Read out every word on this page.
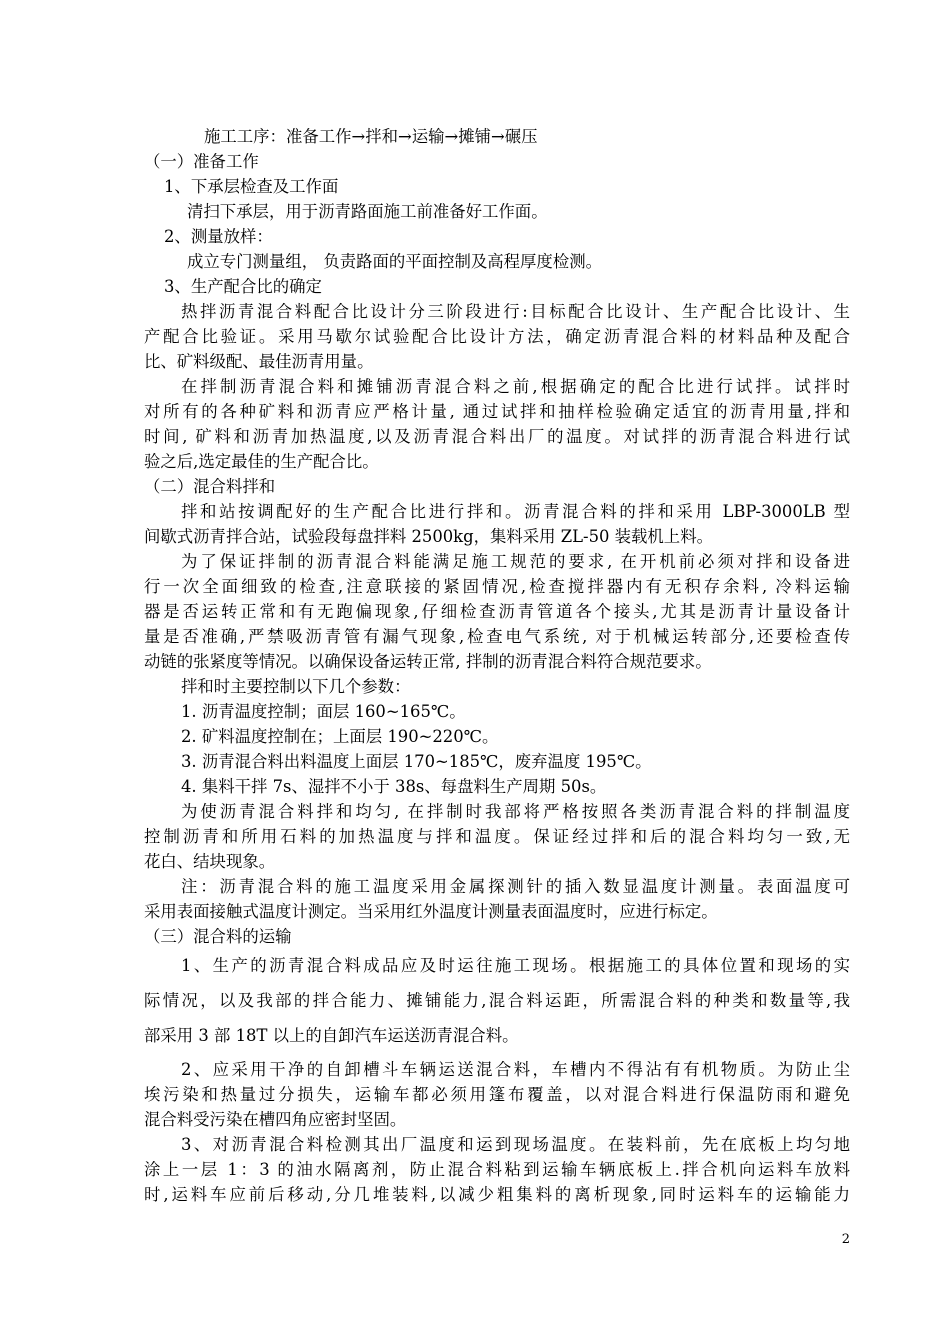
施工工序：准备工作→拌和→运输→摊铺→碾压
（一）准备工作
1、下承层检查及工作面
清扫下承层，用于沥青路面施工前准备好工作面。
2、测量放样：
成立专门测量组， 负责路面的平面控制及高程厚度检测。
3、生产配合比的确定
热拌沥青混合料配合比设计分三阶段进行:目标配合比设计、生产配合比设计、生
产配合比验证。采用马歇尔试验配合比设计方法，确定沥青混合料的材料品种及配合
比、矿料级配、最佳沥青用量。
在拌制沥青混合料和摊铺沥青混合料之前,根据确定的配合比进行试拌。试拌时
对所有的各种矿料和沥青应严格计量, 通过试拌和抽样检验确定适宜的沥青用量,拌和
时间, 矿料和沥青加热温度,以及沥青混合料出厂的温度。对试拌的沥青混合料进行试
验之后,选定最佳的生产配合比。
（二）混合料拌和
拌和站按调配好的生产配合比进行拌和。沥青混合料的拌和采用 LBP-3000LB 型
间歇式沥青拌合站，试验段每盘拌料 2500kg，集料采用 ZL-50 装载机上料。
为了保证拌制的沥青混合料能满足施工规范的要求, 在开机前必须对拌和设备进
行一次全面细致的检查,注意联接的紧固情况,检查搅拌器内有无积存余料, 冷料运输
器是否运转正常和有无跑偏现象,仔细检查沥青管道各个接头,尤其是沥青计量设备计
量是否准确,严禁吸沥青管有漏气现象,检查电气系统, 对于机械运转部分,还要检查传
动链的张紧度等情况。以确保设备运转正常, 拌制的沥青混合料符合规范要求。
拌和时主要控制以下几个参数：
1. 沥青温度控制；面层 160~165℃。
2. 矿料温度控制在；上面层 190~220℃。
3. 沥青混合料出料温度上面层 170~185℃，废弃温度 195℃。
4. 集料干拌 7s、湿拌不小于 38s、每盘料生产周期 50s。
为使沥青混合料拌和均匀, 在拌制时我部将严格按照各类沥青混合料的拌制温度
控制沥青和所用石料的加热温度与拌和温度。保证经过拌和后的混合料均匀一致,无
花白、结块现象。
注：沥青混合料的施工温度采用金属探测针的插入数显温度计测量。表面温度可
采用表面接触式温度计测定。当采用红外温度计测量表面温度时，应进行标定。
（三）混合料的运输
1、生产的沥青混合料成品应及时运往施工现场。根据施工的具体位置和现场的实
际情况，以及我部的拌合能力、摊铺能力,混合料运距，所需混合料的种类和数量等,我
部采用 3 部 18T 以上的自卸汽车运送沥青混合料。
2、应采用干净的自卸槽斗车辆运送混合料，车槽内不得沾有有机物质。为防止尘
埃污染和热量过分损失，运输车都必须用篷布覆盖，以对混合料进行保温防雨和避免
混合料受污染在槽四角应密封坚固。
3、对沥青混合料检测其出厂温度和运到现场温度。在装料前，先在底板上均匀地
涂上一层 1：3 的油水隔离剂，防止混合料粘到运输车辆底板上.拌合机向运料车放料
时,运料车应前后移动,分几堆装料,以减少粗集料的离析现象,同时运料车的运输能力
2
